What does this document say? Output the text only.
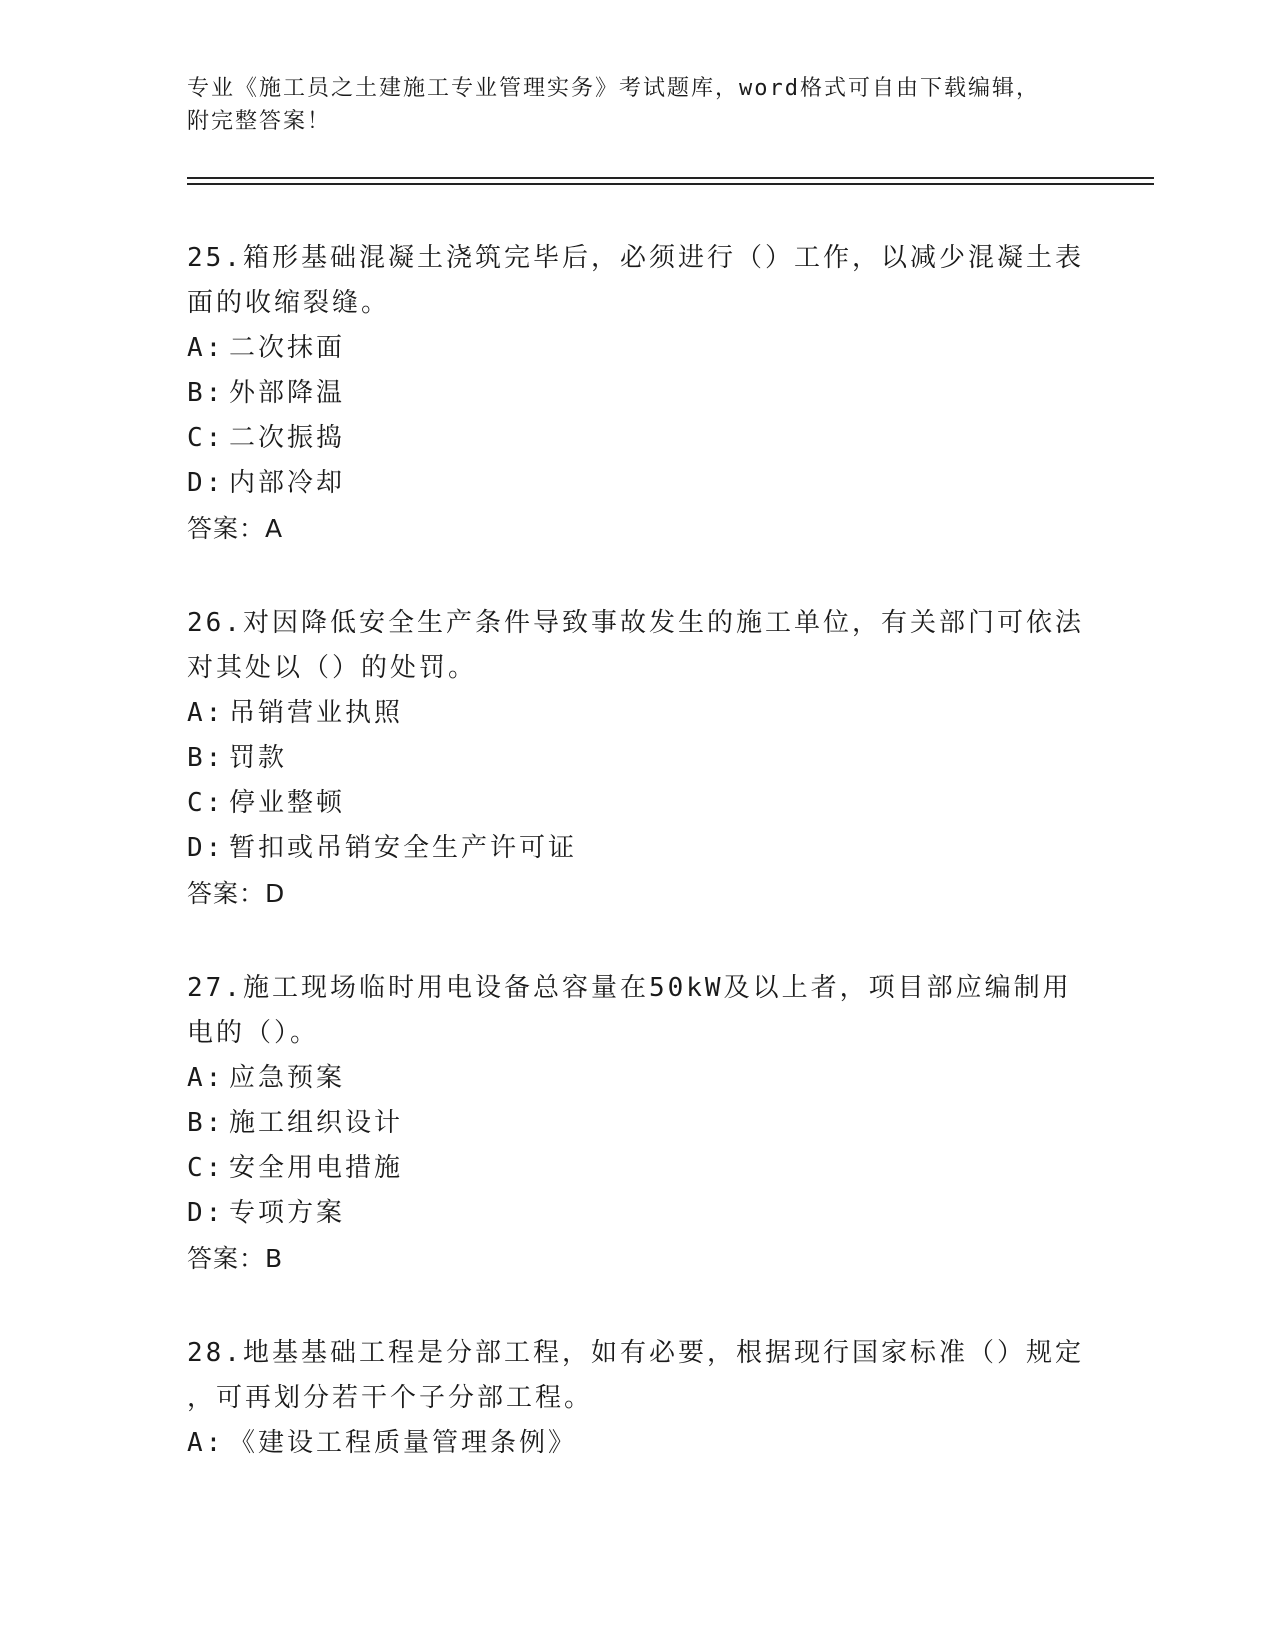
专业《施工员之土建施工专业管理实务》考试题库，word格式可自由下载编辑，
附完整答案！
25.箱形基础混凝土浇筑完毕后，必须进行（）工作，以减少混凝土表
面的收缩裂缝。
A: 二次抹面
B: 外部降温
C: 二次振捣
D: 内部冷却
答案：A
26.对因降低安全生产条件导致事故发生的施工单位，有关部门可依法
对其处以（）的处罚。
A: 吊销营业执照
B: 罚款
C: 停业整顿
D: 暂扣或吊销安全生产许可证
答案：D
27.施工现场临时用电设备总容量在50kW及以上者，项目部应编制用
电的（）。
A: 应急预案
B: 施工组织设计
C: 安全用电措施
D: 专项方案
答案：B
28.地基基础工程是分部工程，如有必要，根据现行国家标准（）规定
，可再划分若干个子分部工程。
A: 《建设工程质量管理条例》
